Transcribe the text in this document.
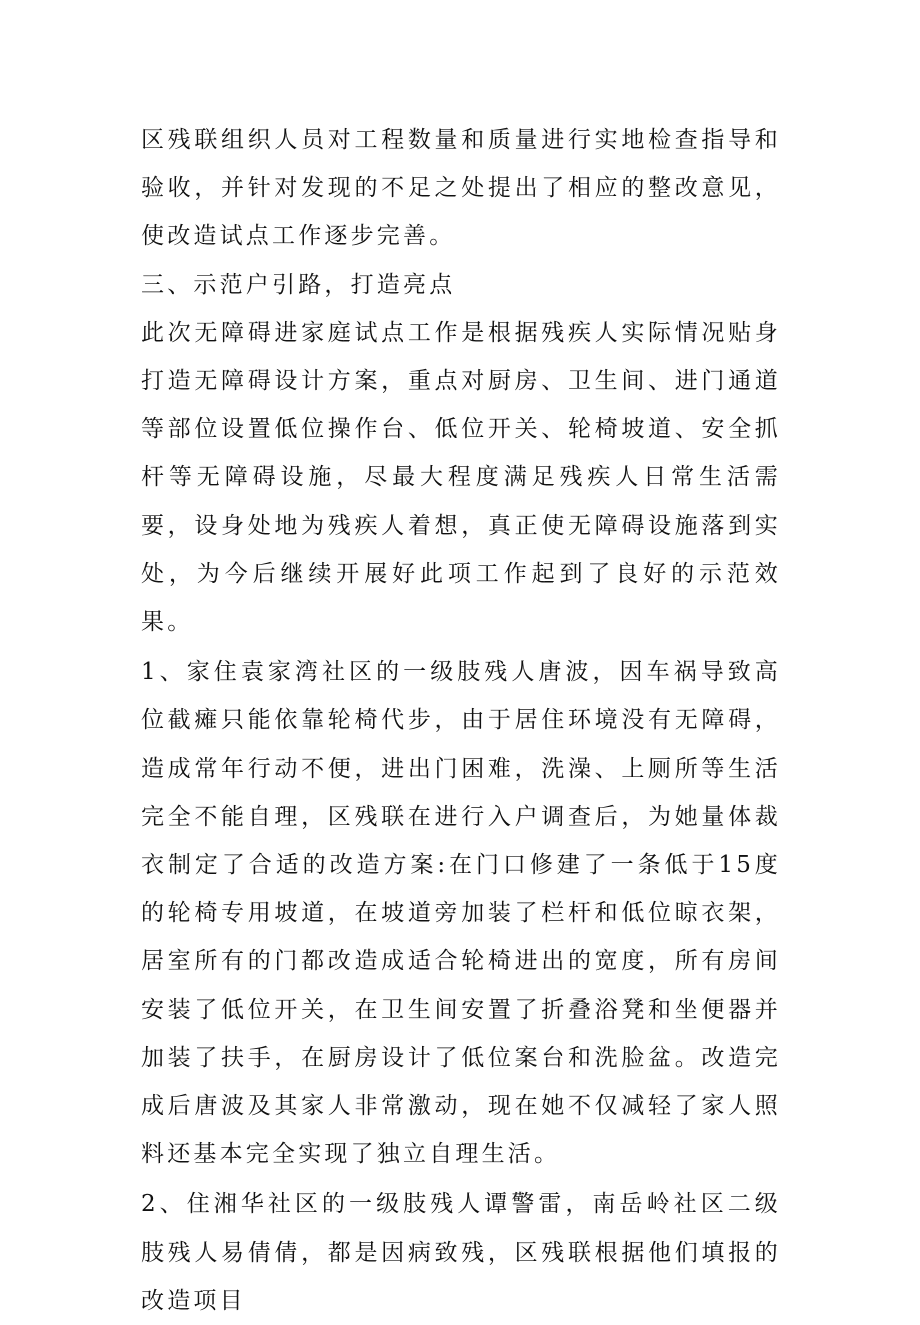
区残联组织人员对工程数量和质量进行实地检查指导和验收，并针对发现的不足之处提出了相应的整改意见，使改造试点工作逐步完善。

三、示范户引路，打造亮点

此次无障碍进家庭试点工作是根据残疾人实际情况贴身打造无障碍设计方案，重点对厨房、卫生间、进门通道等部位设置低位操作台、低位开关、轮椅坡道、安全抓杆等无障碍设施，尽最大程度满足残疾人日常生活需要，设身处地为残疾人着想，真正使无障碍设施落到实处，为今后继续开展好此项工作起到了良好的示范效果。

1、家住袁家湾社区的一级肢残人唐波，因车祸导致高位截瘫只能依靠轮椅代步，由于居住环境没有无障碍，造成常年行动不便，进出门困难，洗澡、上厕所等生活完全不能自理，区残联在进行入户调查后，为她量体裁衣制定了合适的改造方案:在门口修建了一条低于15度的轮椅专用坡道，在坡道旁加装了栏杆和低位晾衣架，居室所有的门都改造成适合轮椅进出的宽度，所有房间安装了低位开关，在卫生间安置了折叠浴凳和坐便器并加装了扶手，在厨房设计了低位案台和洗脸盆。改造完成后唐波及其家人非常激动，现在她不仅减轻了家人照料还基本完全实现了独立自理生活。

2、住湘华社区的一级肢残人谭警雷，南岳岭社区二级肢残人易倩倩，都是因病致残，区残联根据他们填报的改造项目
